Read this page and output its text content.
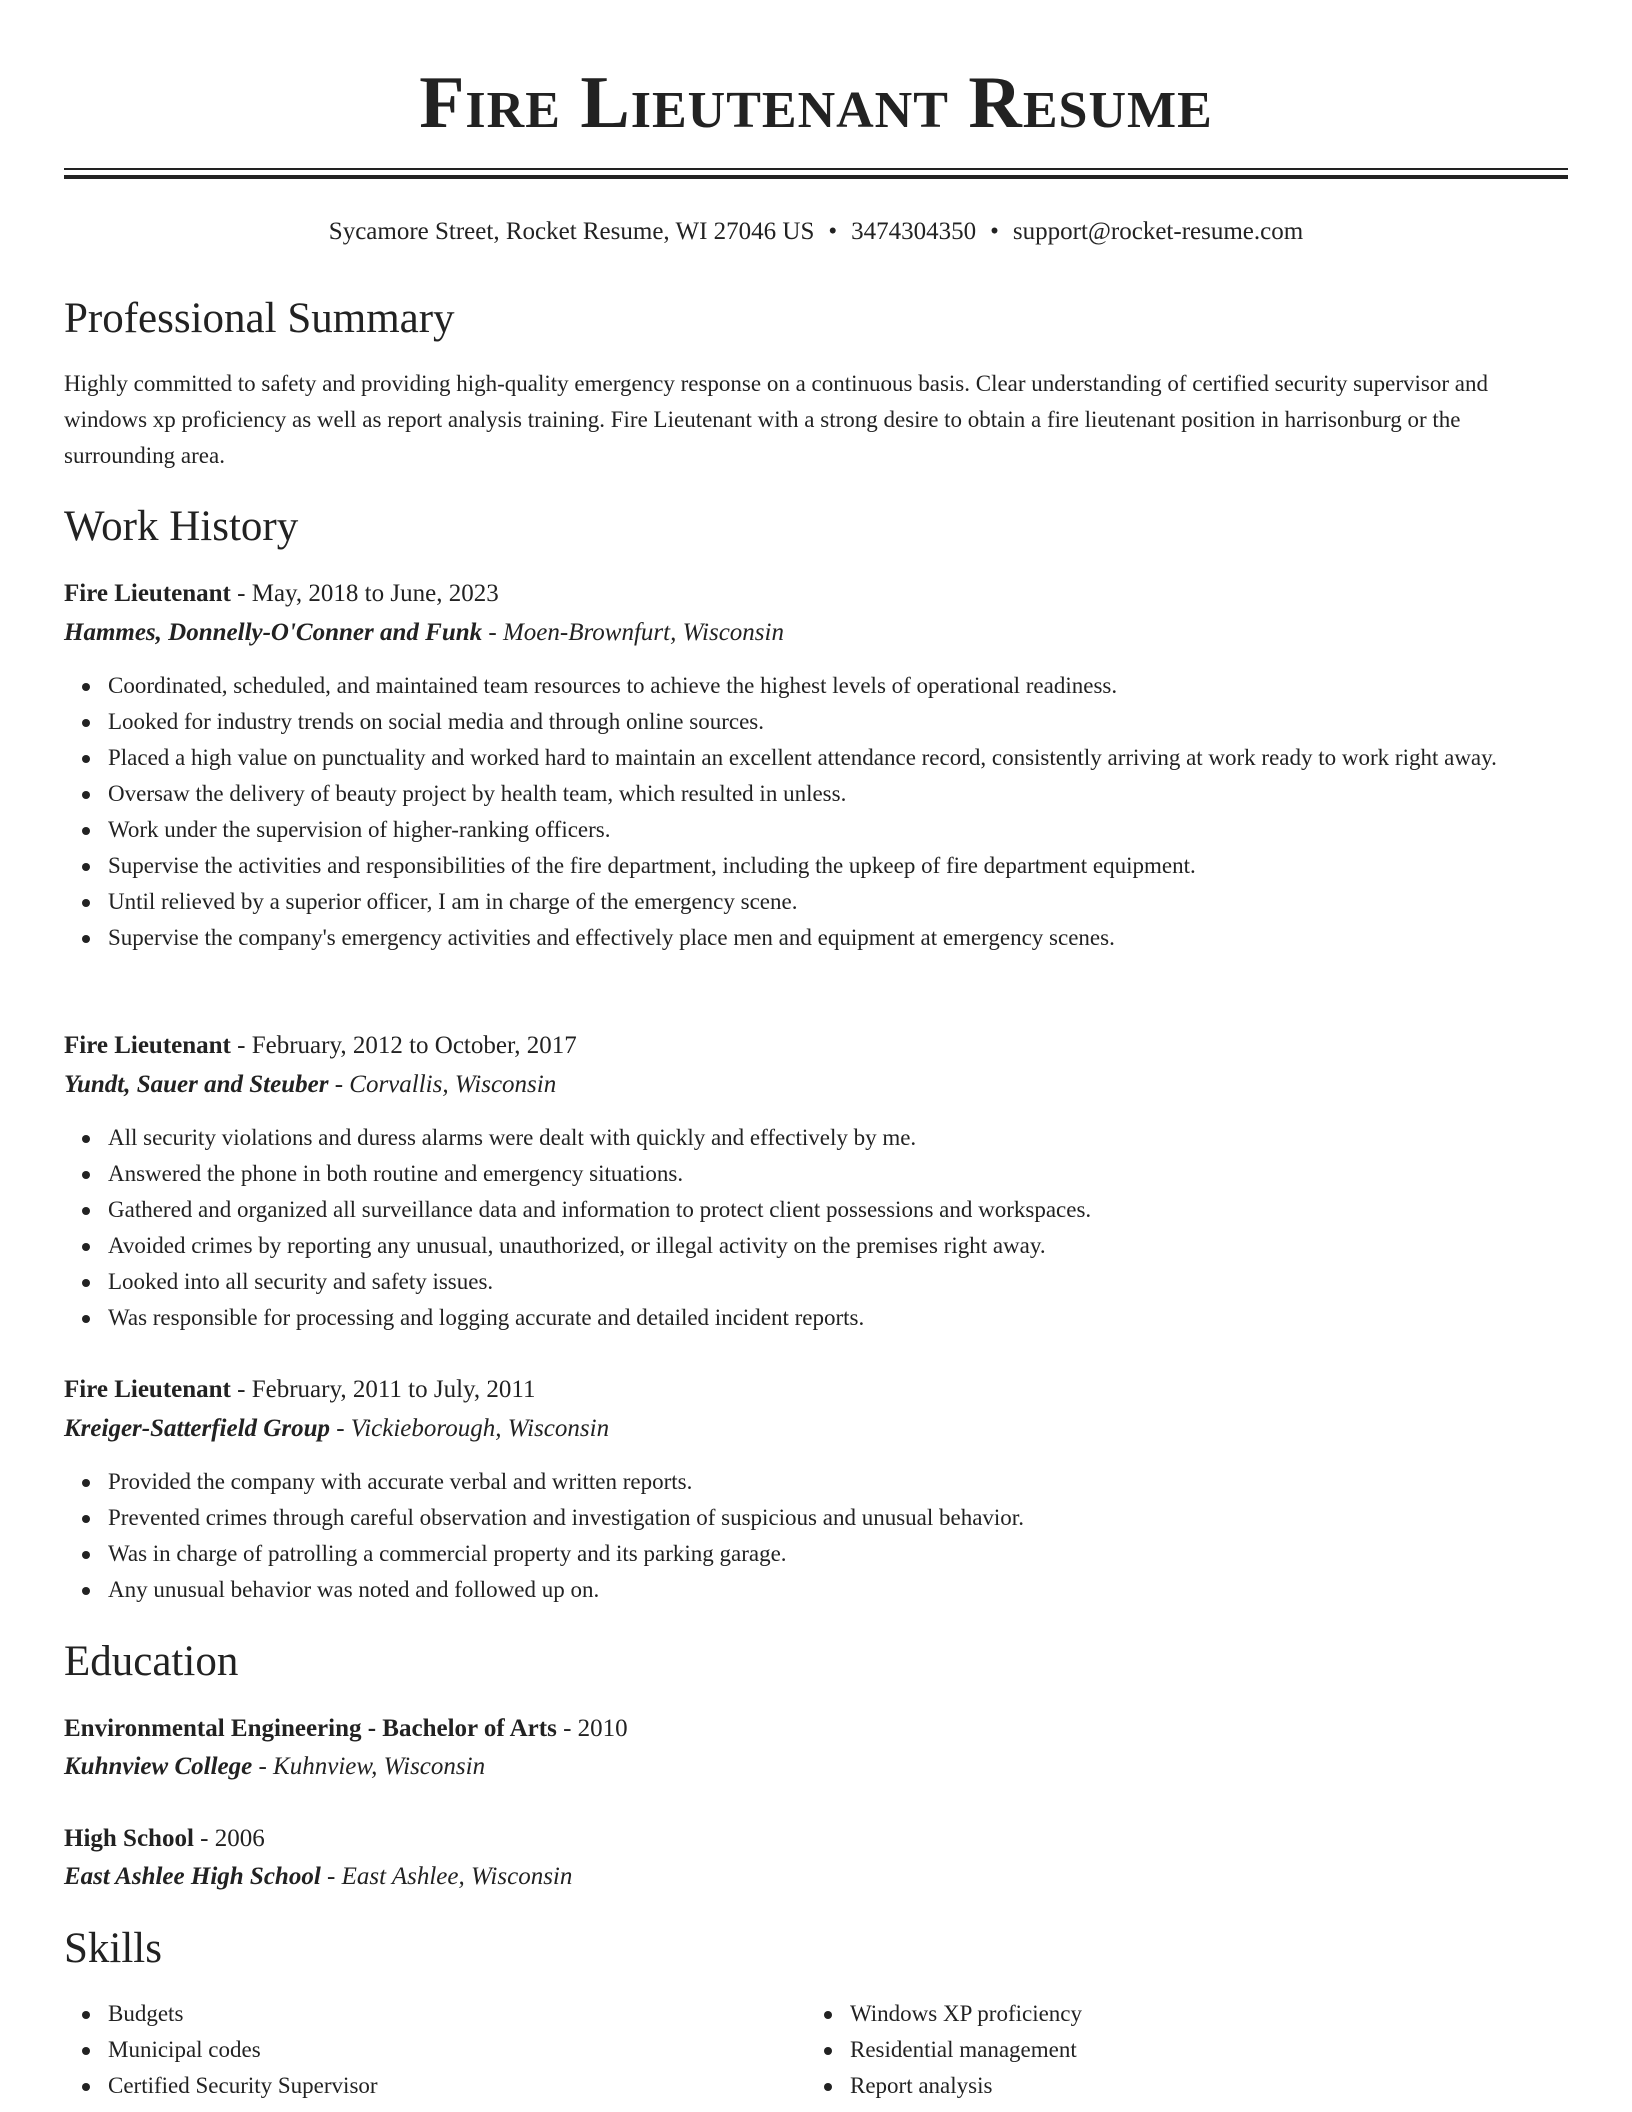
Fire Lieutenant Resume
Sycamore Street, Rocket Resume, WI 27046 US • 3474304350 • support@rocket-resume.com
Professional Summary

Highly committed to safety and providing high-quality emergency response on a continuous basis. Clear understanding of certified security supervisor and windows xp proficiency as well as report analysis training. Fire Lieutenant with a strong desire to obtain a fire lieutenant position in harrisonburg or the surrounding area.

Work History
Fire Lieutenant - May, 2018 to June, 2023
Hammes, Donnelly-O'Conner and Funk - Moen-Brownfurt, Wisconsin
Coordinated, scheduled, and maintained team resources to achieve the highest levels of operational readiness.
Looked for industry trends on social media and through online sources.
Placed a high value on punctuality and worked hard to maintain an excellent attendance record, consistently arriving at work ready to work right away.
Oversaw the delivery of beauty project by health team, which resulted in unless.
Work under the supervision of higher-ranking officers.
Supervise the activities and responsibilities of the fire department, including the upkeep of fire department equipment.
Until relieved by a superior officer, I am in charge of the emergency scene.
Supervise the company's emergency activities and effectively place men and equipment at emergency scenes.
Fire Lieutenant - February, 2012 to October, 2017
Yundt, Sauer and Steuber - Corvallis, Wisconsin
All security violations and duress alarms were dealt with quickly and effectively by me.
Answered the phone in both routine and emergency situations.
Gathered and organized all surveillance data and information to protect client possessions and workspaces.
Avoided crimes by reporting any unusual, unauthorized, or illegal activity on the premises right away.
Looked into all security and safety issues.
Was responsible for processing and logging accurate and detailed incident reports.
Fire Lieutenant - February, 2011 to July, 2011
Kreiger-Satterfield Group - Vickieborough, Wisconsin
Provided the company with accurate verbal and written reports.
Prevented crimes through careful observation and investigation of suspicious and unusual behavior.
Was in charge of patrolling a commercial property and its parking garage.
Any unusual behavior was noted and followed up on.
Education
Environmental Engineering - Bachelor of Arts - 2010
Kuhnview College - Kuhnview, Wisconsin
High School - 2006
East Ashlee High School - East Ashlee, Wisconsin
Skills
Budgets
Municipal codes
Certified Security Supervisor
Windows XP proficiency
Residential management
Report analysis
